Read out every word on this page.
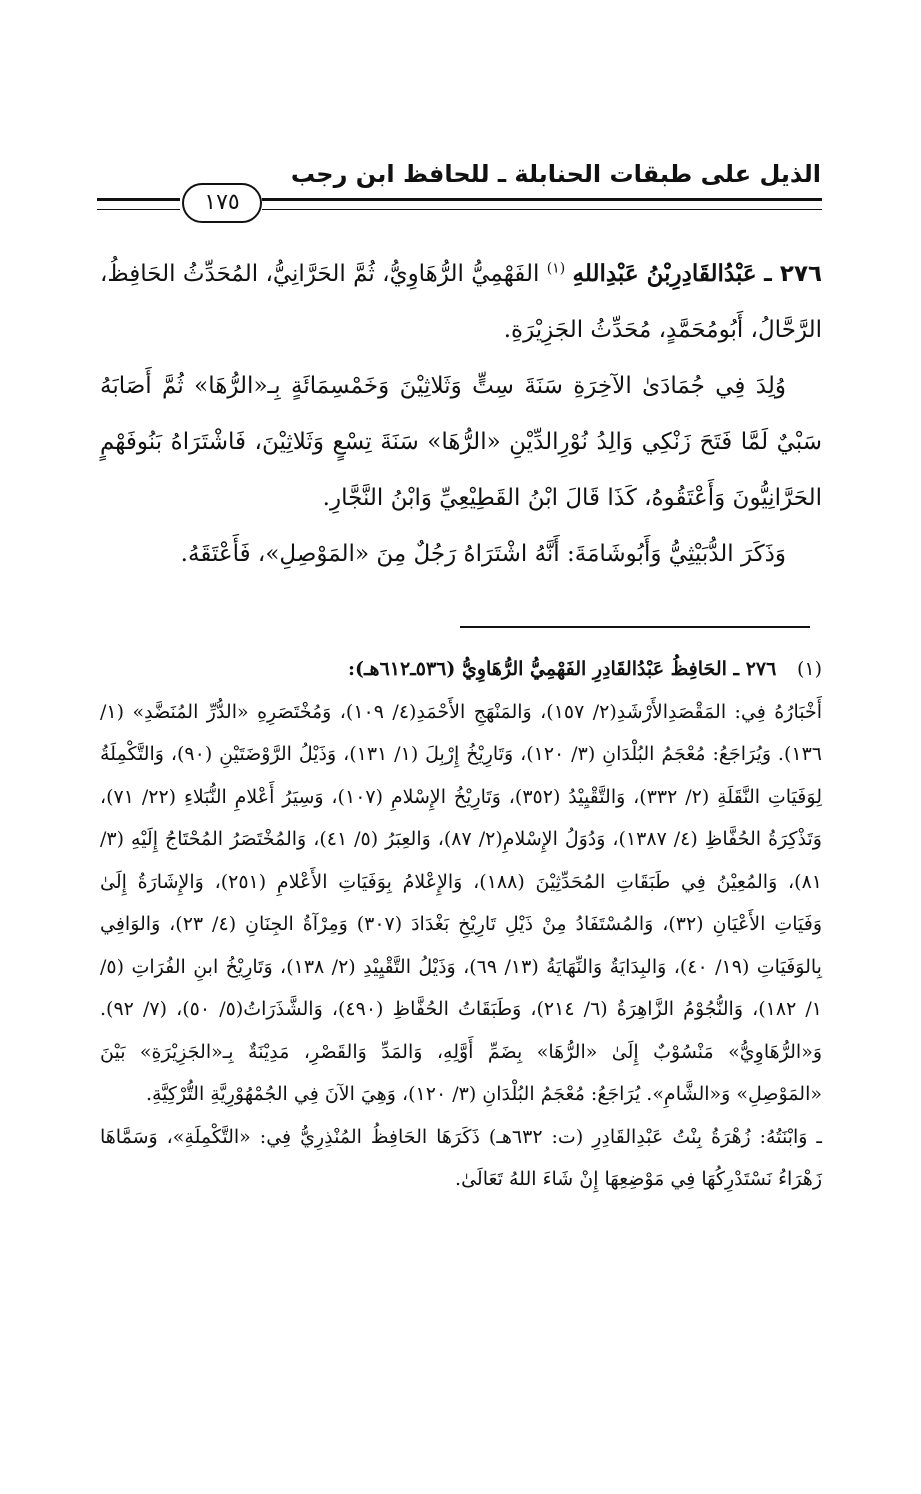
الذيل على طبقات الحنابلة ـ للحافظ ابن رجب
١٧٥

٢٧٦ ـ عَبْدُالقَادِرِبْنُ عَبْدِاللهِ $^{(١)}$ الفَهْمِيُّ الرُّهَاوِيُّ، ثُمَّ الحَرَّانِيُّ، المُحَدِّثُ الحَافِظُ، الرَّحَّالُ، أَبُومُحَمَّدٍ، مُحَدِّثُ الجَزِيْرَةِ.

وُلِدَ فِي جُمَادَىٰ الآخِرَةِ سَنَةَ سِتٍّ وَثَلاثِيْنَ وَخَمْسِمَائَةٍ بِـ«الرُّهَا» ثُمَّ أَصَابَهُ سَبْيٌ لَمَّا فَتَحَ زَنْكِي وَالِدُ نُوْرِالدِّيْنِ «الرُّهَا» سَنَةَ تِسْعٍ وَثَلاثِيْنَ، فَاشْتَرَاهُ بَنُوفَهْمٍ الحَرَّانِيُّونَ وَأَعْتَقُوهُ، كَذَا قَالَ ابْنُ القَطِيْعِيِّ وَابْنُ النَّجَّارِ.

وَذَكَرَ الدُّبَيْثِيُّ وَأَبُوشَامَةَ: أَنَّهُ اشْتَرَاهُ رَجُلٌ مِنَ «المَوْصِلِ»، فَأَعْتَقَهُ.

(١) ٢٧٦ ـ الحَافِظُ عَبْدُالقَادِرِ الفَهْمِيُّ الرُّهَاوِيُّ (٥٣٦ـ٦١٢هـ):

أَخْبَارُهُ فِي: المَقْصَدِالأَرْشَدِ(٢/ ١٥٧)، وَالمَنْهَجِ الأَحْمَدِ(٤/ ١٠٩)، وَمُخْتَصَرِهِ «الدُّرِّ المُنَضَّدِ» (١/ ١٣٦). وَيُرَاجَعُ: مُعْجَمُ البُلْدَانِ (٣/ ١٢٠)، وَتَارِيْخُ إِرْبِلَ (١/ ١٣١)، وَذَيْلُ الرَّوْضَتَيْنِ (٩٠)، وَالتَّكْمِلَةُ لِوَفَيَاتِ النَّقَلَةِ (٢/ ٣٣٢)، وَالتَّقْيِيْدُ (٣٥٢)، وَتَارِيْخُ الإِسْلامِ (١٠٧)، وَسِيَرُ أَعْلامِ النُّبَلاءِ (٢٢/ ٧١)، وَتَذْكِرَةُ الحُفَّاظِ (٤/ ١٣٨٧)، وَدُوَلُ الإِسْلامِ(٢/ ٨٧)، وَالعِبَرُ (٥/ ٤١)، وَالمُخْتَصَرُ المُحْتَاجُ إِلَيْهِ (٣/ ٨١)، وَالمُعِيْنُ فِي طَبَقَاتِ المُحَدِّثِيْنَ (١٨٨)، وَالإِعْلامُ بِوَفَيَاتِ الأَعْلامِ (٢٥١)، وَالإِشَارَةُ إِلَىٰ وَفَيَاتِ الأَعْيَانِ (٣٢)، وَالمُسْتَفَادُ مِنْ ذَيْلِ تَارِيْخِ بَغْدَادَ (٣٠٧) وَمِرْآةُ الجِنَانِ (٤/ ٢٣)، وَالوَافِي بِالوَفَيَاتِ (١٩/ ٤٠)، وَالبِدَايَةُ وَالنِّهَايَةُ (١٣/ ٦٩)، وَذَيْلُ التَّقْيِيْدِ (٢/ ١٣٨)، وَتَارِيْخُ ابنِ الفُرَاتِ (٥/ ١/ ١٨٢)، وَالنُّجُوْمُ الزَّاهِرَةُ (٦/ ٢١٤)، وَطَبَقَاتُ الحُفَّاظِ (٤٩٠)، وَالشَّذَرَاتُ(٥/ ٥٠)، (٧/ ٩٢). وَ«الرُّهَاوِيُّ» مَنْسُوْبٌ إِلَىٰ «الرُّهَا» بِضَمِّ أَوَّلِهِ، وَالمَدِّ وَالقَصْرِ، مَدِيْنَةٌ بِـ«الجَزِيْرَةِ» بَيْنَ «المَوْصِلِ» وَ«الشَّامِ». يُرَاجَعُ: مُعْجَمُ البُلْدَانِ (٣/ ١٢٠)، وَهِيَ الآنَ فِي الجُمْهُوْرِيَّةِ التُّرْكِيَّةِ.

ـ وَابْنَتُهُ: زُهْرَةُ بِنْتُ عَبْدِالقَادِرِ (ت: ٦٣٢هـ) ذَكَرَهَا الحَافِظُ المُنْذِرِيُّ فِي: «التَّكْمِلَةِ»، وَسَمَّاهَا زَهْرَاءُ نَسْتَدْرِكُهَا فِي مَوْضِعِهَا إِنْ شَاءَ اللهُ تَعَالَىٰ.
